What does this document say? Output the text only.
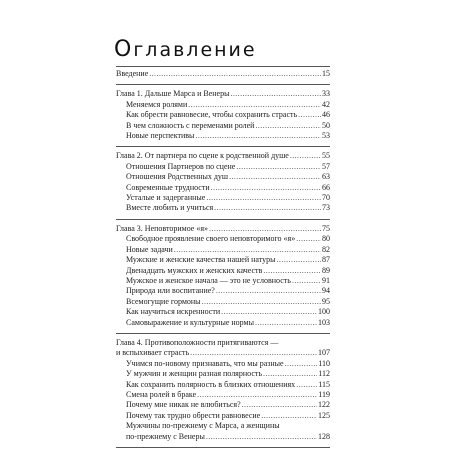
Оглавление
Введение .....	15
Глава 1. Дальше Марса и Венеры .....	33
Меняемся ролями .....	42
Как обрести равновесие, чтобы сохранить страсть .....	46
В чем сложность с переменами ролей .....	50
Новые перспективы .....	53
Глава 2. От партнера по сцене к родственной душе .....	55
Отношения Партнеров по сцене .....	57
Отношения Родственных душ .....	63
Современные трудности .....	66
Усталые и задерганные .....	70
Вместе любить и учиться .....	73
Глава 3. Неповторимое «я» .....	75
Свободное проявление своего неповторимого «я» .....	80
Новые задачи .....	82
Мужские и женские качества нашей натуры .....	87
Двенадцать мужских и женских качеств .....	89
Мужское и женское начала — это не условность .....	91
Природа или воспитание? .....	94
Всемогущие гормоны .....	95
Как научиться искренности .....	100
Самовыражение и культурные нормы .....	103
Глава 4. Противоположности притягиваются —
и вспыхивает страсть .....	107
Учимся по-новому признавать, что мы разные .....	110
У мужчин и женщин разная полярность .....	112
Как сохранить полярность в близких отношениях .....	115
Смена ролей в браке .....	119
Почему мне никак не влюбиться? .....	122
Почему так трудно обрести равновесие .....	125
Мужчины по-прежнему с Марса, а женщины
по-прежнему с Венеры .....	128
